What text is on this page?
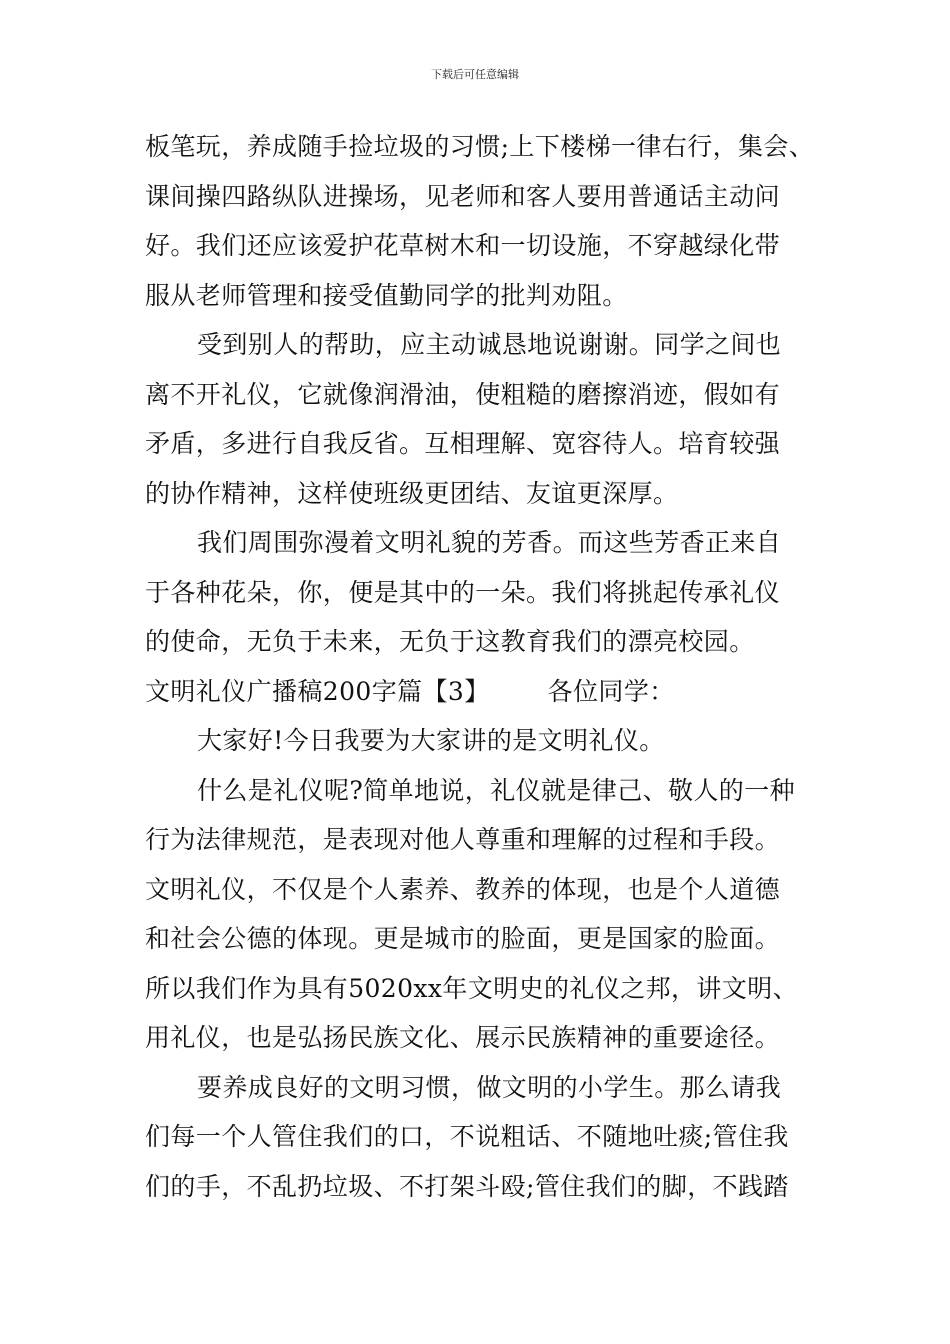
下载后可任意编辑
板笔玩，养成随手捡垃圾的习惯;上下楼梯一律右行，集会、
课间操四路纵队进操场，见老师和客人要用普通话主动问
好。我们还应该爱护花草树木和一切设施，不穿越绿化带
服从老师管理和接受值勤同学的批判劝阻。
受到别人的帮助，应主动诚恳地说谢谢。同学之间也
离不开礼仪，它就像润滑油，使粗糙的磨擦消迹，假如有
矛盾，多进行自我反省。互相理解、宽容待人。培育较强
的协作精神，这样使班级更团结、友谊更深厚。
我们周围弥漫着文明礼貌的芳香。而这些芳香正来自
于各种花朵，你，便是其中的一朵。我们将挑起传承礼仪
的使命，无负于未来，无负于这教育我们的漂亮校园。
文明礼仪广播稿200字篇【3】 各位同学：
大家好!今日我要为大家讲的是文明礼仪。
什么是礼仪呢?简单地说，礼仪就是律己、敬人的一种
行为法律规范，是表现对他人尊重和理解的过程和手段。
文明礼仪，不仅是个人素养、教养的体现，也是个人道德
和社会公德的体现。更是城市的脸面，更是国家的脸面。
所以我们作为具有5020xx年文明史的礼仪之邦，讲文明、
用礼仪，也是弘扬民族文化、展示民族精神的重要途径。
要养成良好的文明习惯，做文明的小学生。那么请我
们每一个人管住我们的口，不说粗话、不随地吐痰;管住我
们的手，不乱扔垃圾、不打架斗殴;管住我们的脚，不践踏
